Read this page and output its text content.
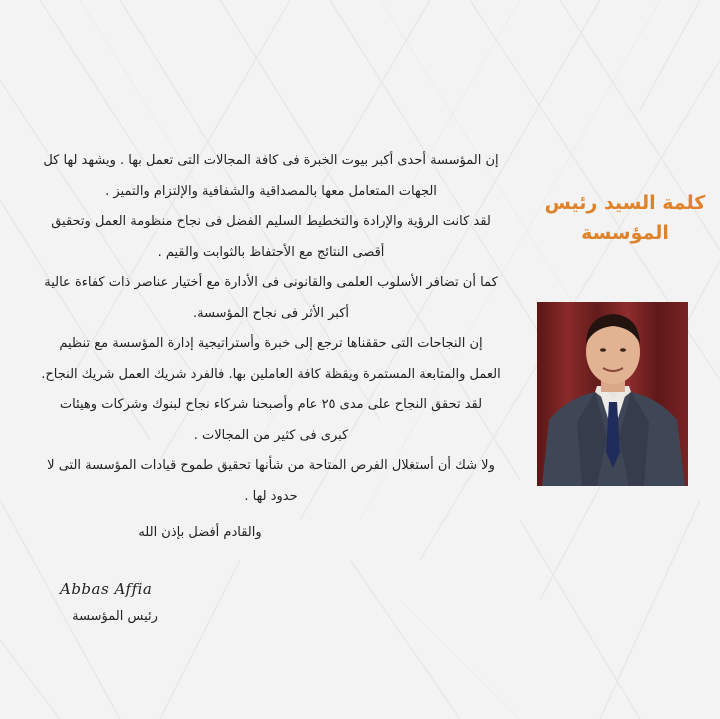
كلمة السيد رئيس
المؤسسة

إن المؤسسة أحدى أكبر بيوت الخبرة فى كافة المجالات التى تعمل بها . ويشهد لها كل

الجهات المتعامل معها بالمصداقية والشفافية والإلتزام والتميز .

لقد كانت الرؤية والإرادة والتخطيط السليم الفضل فى نجاح منظومة العمل وتحقيق

أقصى النتائج مع الأحتفاظ بالثوابت والقيم .

كما أن تضافر الأسلوب العلمى والقانونى فى الأدارة مع أختيار عناصر ذات كفاءة عالية

أكبر الأثر فى نجاح المؤسسة.

إن النجاحات التى حققناها ترجع إلى خبرة وأستراتيجية إدارة المؤسسة مع تنظيم

العمل والمتابعة المستمرة ويقظة كافة العاملين بها. فالفرد شريك العمل شريك النجاح.

لقد تحقق النجاح على مدى ٢٥ عام وأصبحنا شركاء نجاح لبنوك وشركات وهيئات

كبرى فى كثير من المجالات .

ولا شك أن أستغلال الفرص المتاحة من شأنها تحقيق طموح قيادات المؤسسة التى لا

حدود لها .

والقادم أفضل بإذن الله
Abbas Affia
رئيس المؤسسة
